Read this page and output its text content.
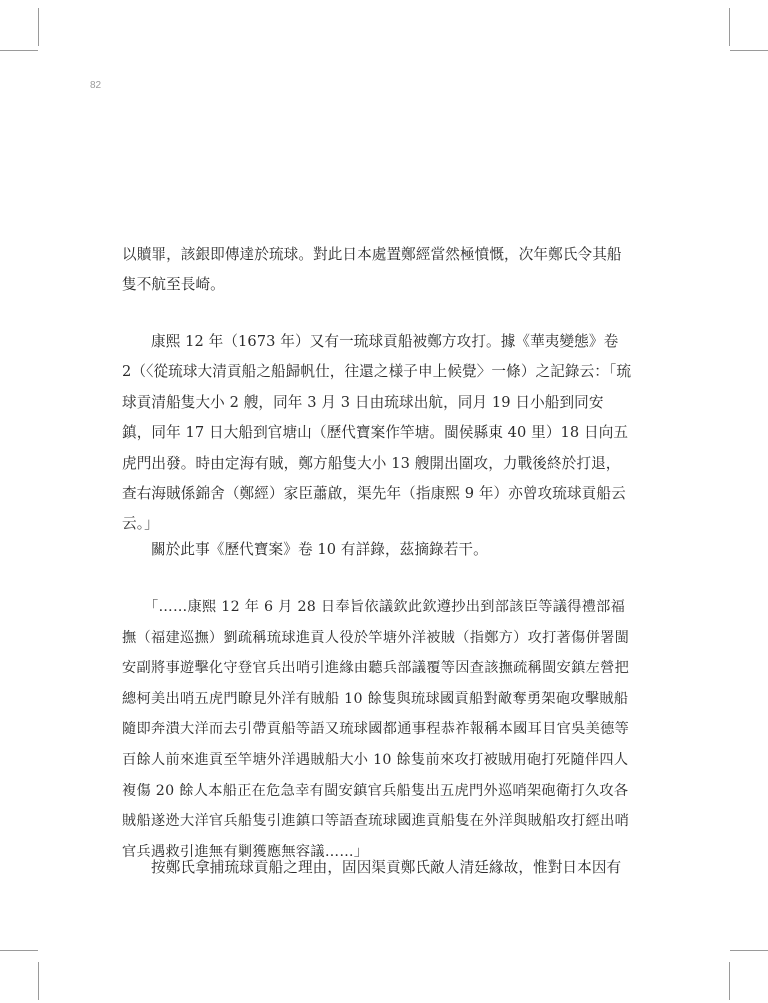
82

以贖罪，該銀即傳達於琉球。對此日本處置鄭經當然極憤慨，次年鄭氏令其船隻不航至長崎。

康熙 12 年（1673 年）又有一琉球貢船被鄭方攻打。據《華夷變態》卷 2（〈從琉球大清貢船之船歸帆仕，往還之様子申上候覺〉一條）之記錄云：「琉球貢清船隻大小 2 艘，同年 3 月 3 日由琉球出航，同月 19 日小船到同安鎮，同年 17 日大船到官塘山（歷代寶案作竿塘。閩侯縣東 40 里）18 日向五虎門出發。時由定海有賊，鄭方船隻大小 13 艘開出圍攻，力戰後終於打退，查右海賊係錦舍（鄭經）家臣蕭啟，渠先年（指康熙 9 年）亦曾攻琉球貢船云云。」

關於此事《歷代寶案》卷 10 有詳錄，茲摘錄若干。

「……康熙 12 年 6 月 28 日奉旨依議欽此欽遵抄出到部該臣等議得禮部福撫（福建巡撫）劉疏稱琉球進貢人役於竿塘外洋被賊（指鄭方）攻打著傷併署閩安副將事遊擊化守登官兵出哨引進緣由聽兵部議覆等因查該撫疏稱閩安鎮左營把總柯美出哨五虎門瞭見外洋有賊船 10 餘隻與琉球國貢船對敵奪勇架砲攻擊賊船隨即奔潰大洋而去引帶貢船等語又琉球國都通事程恭祚報稱本國耳目官吳美德等百餘人前來進貢至竿塘外洋遇賊船大小 10 餘隻前來攻打被賊用砲打死隨伴四人複傷 20 餘人本船正在危急幸有閩安鎮官兵船隻出五虎門外巡哨架砲衛打久攻各賊船遂迯大洋官兵船隻引進鎮口等語查琉球國進貢船隻在外洋與賊船攻打經出哨官兵遇救引進無有剿獲應無容議……」

按鄭氏拿捕琉球貢船之理由，固因渠貢鄭氏敵人清廷緣故，惟對日本因有
